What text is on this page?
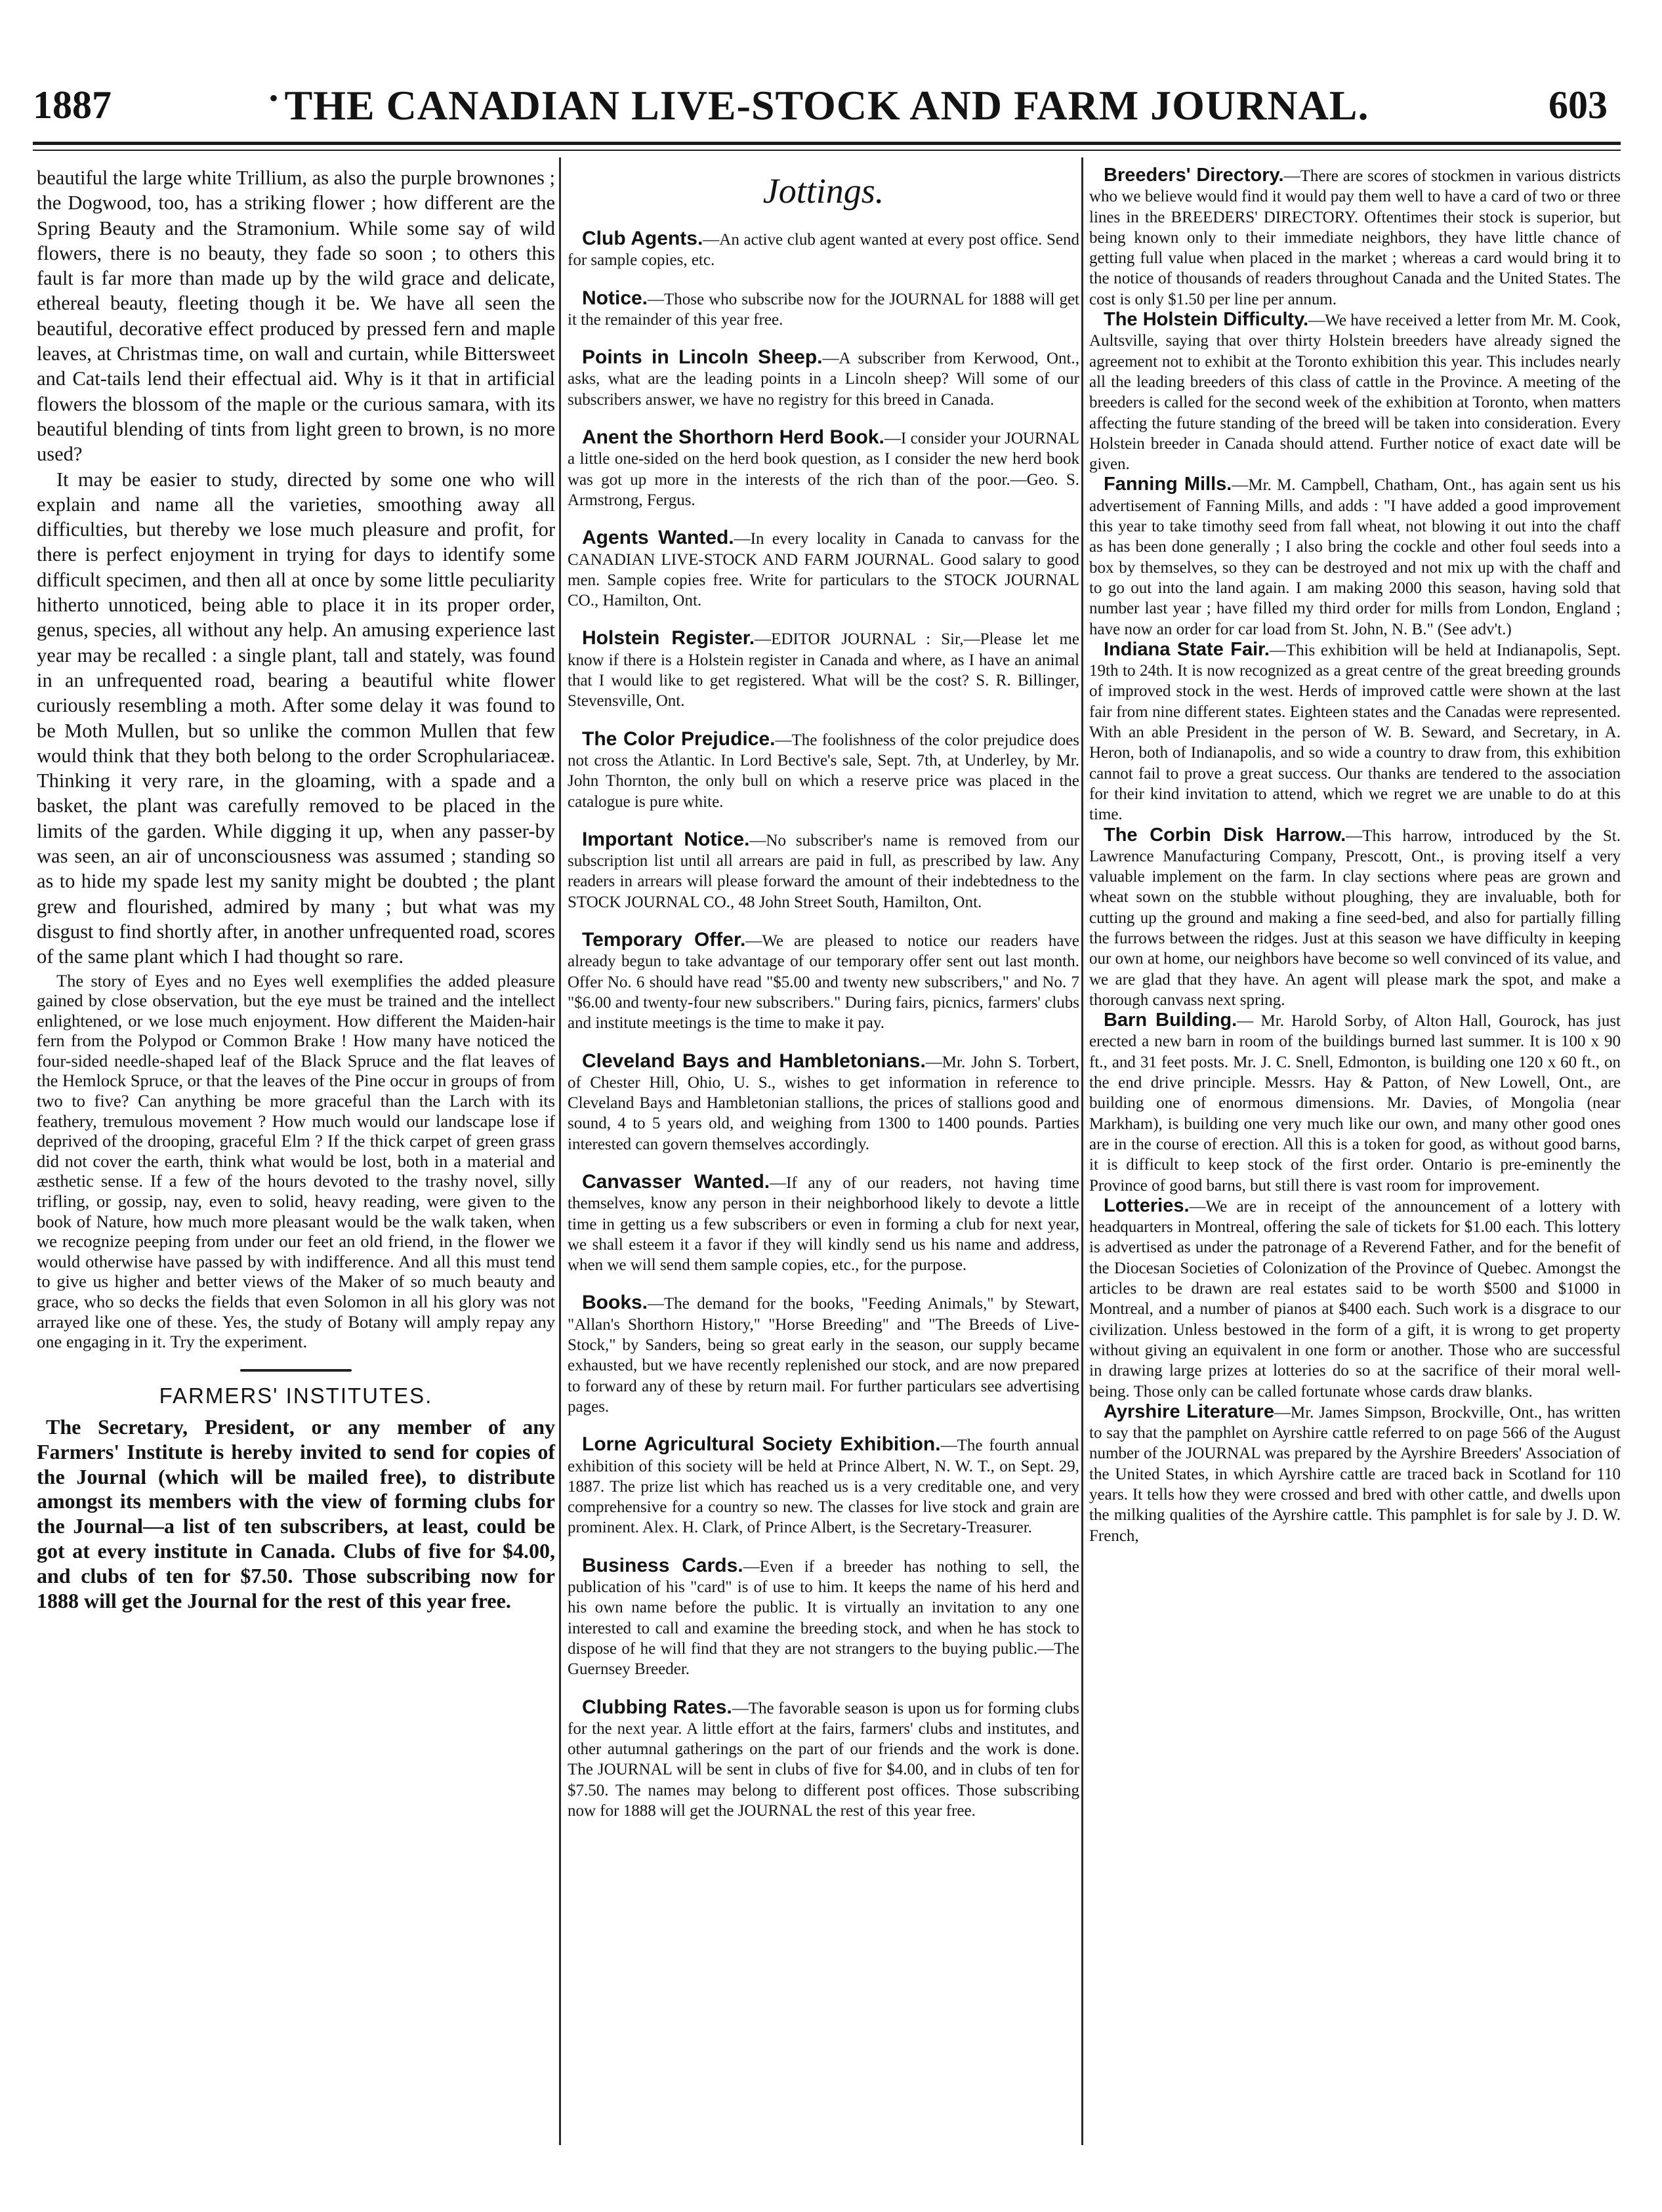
1887	• THE CANADIAN LIVE-STOCK AND FARM JOURNAL.	603

beautiful the large white Trillium, as also the purple brownones ; the Dogwood, too, has a striking flower ; how different are the Spring Beauty and the Stramonium. While some say of wild flowers, there is no beauty, they fade so soon ; to others this fault is far more than made up by the wild grace and delicate, ethereal beauty, fleeting though it be. We have all seen the beautiful, decorative effect produced by pressed fern and maple leaves, at Christmas time, on wall and curtain, while Bittersweet and Cat-tails lend their effectual aid. Why is it that in artificial flowers the blossom of the maple or the curious samara, with its beautiful blending of tints from light green to brown, is no more used?

It may be easier to study, directed by some one who will explain and name all the varieties, smoothing away all difficulties, but thereby we lose much pleasure and profit, for there is perfect enjoyment in trying for days to identify some difficult specimen, and then all at once by some little peculiarity hitherto unnoticed, being able to place it in its proper order, genus, species, all without any help. An amusing experience last year may be recalled : a single plant, tall and stately, was found in an unfrequented road, bearing a beautiful white flower curiously resembling a moth. After some delay it was found to be Moth Mullen, but so unlike the common Mullen that few would think that they both belong to the order Scrophulariaceæ. Thinking it very rare, in the gloaming, with a spade and a basket, the plant was carefully removed to be placed in the limits of the garden. While digging it up, when any passer-by was seen, an air of unconsciousness was assumed ; standing so as to hide my spade lest my sanity might be doubted ; the plant grew and flourished, admired by many ; but what was my disgust to find shortly after, in another unfrequented road, scores of the same plant which I had thought so rare.

The story of Eyes and no Eyes well exemplifies the added pleasure gained by close observation, but the eye must be trained and the intellect enlightened, or we lose much enjoyment. How different the Maiden-hair fern from the Polypod or Common Brake ! How many have noticed the four-sided needle-shaped leaf of the Black Spruce and the flat leaves of the Hemlock Spruce, or that the leaves of the Pine occur in groups of from two to five? Can anything be more graceful than the Larch with its feathery, tremulous movement ? How much would our landscape lose if deprived of the drooping, graceful Elm ? If the thick carpet of green grass did not cover the earth, think what would be lost, both in a material and æsthetic sense. If a few of the hours devoted to the trashy novel, silly trifling, or gossip, nay, even to solid, heavy reading, were given to the book of Nature, how much more pleasant would be the walk taken, when we recognize peeping from under our feet an old friend, in the flower we would otherwise have passed by with indifference. And all this must tend to give us higher and better views of the Maker of so much beauty and grace, who so decks the fields that even Solomon in all his glory was not arrayed like one of these. Yes, the study of Botany will amply repay any one engaging in it. Try the experiment.

FARMERS' INSTITUTES.

The Secretary, President, or any member of any Farmers' Institute is hereby invited to send for copies of the Journal (which will be mailed free), to distribute amongst its members with the view of forming clubs for the Journal—a list of ten subscribers, at least, could be got at every institute in Canada. Clubs of five for $4.00, and clubs of ten for $7.50. Those subscribing now for 1888 will get the Journal for the rest of this year free.

Jottings.

Club Agents.—An active club agent wanted at every post office. Send for sample copies, etc.

Notice.—Those who subscribe now for the JOURNAL for 1888 will get it the remainder of this year free.

Points in Lincoln Sheep.—A subscriber from Kerwood, Ont., asks, what are the leading points in a Lincoln sheep? Will some of our subscribers answer, we have no registry for this breed in Canada.

Anent the Shorthorn Herd Book.—I consider your JOURNAL a little one-sided on the herd book question, as I consider the new herd book was got up more in the interests of the rich than of the poor.—Geo. S. Armstrong, Fergus.

Agents Wanted.—In every locality in Canada to canvass for the CANADIAN LIVE-STOCK AND FARM JOURNAL. Good salary to good men. Sample copies free. Write for particulars to the STOCK JOURNAL CO., Hamilton, Ont.

Holstein Register.—EDITOR JOURNAL : Sir,—Please let me know if there is a Holstein register in Canada and where, as I have an animal that I would like to get registered. What will be the cost? S. R. Billinger, Stevensville, Ont.

The Color Prejudice.—The foolishness of the color prejudice does not cross the Atlantic. In Lord Bective's sale, Sept. 7th, at Underley, by Mr. John Thornton, the only bull on which a reserve price was placed in the catalogue is pure white.

Important Notice.—No subscriber's name is removed from our subscription list until all arrears are paid in full, as prescribed by law. Any readers in arrears will please forward the amount of their indebtedness to the STOCK JOURNAL CO., 48 John Street South, Hamilton, Ont.

Temporary Offer.—We are pleased to notice our readers have already begun to take advantage of our temporary offer sent out last month. Offer No. 6 should have read "$5.00 and twenty new subscribers," and No. 7 "$6.00 and twenty-four new subscribers." During fairs, picnics, farmers' clubs and institute meetings is the time to make it pay.

Cleveland Bays and Hambletonians.—Mr. John S. Torbert, of Chester Hill, Ohio, U. S., wishes to get information in reference to Cleveland Bays and Hambletonian stallions, the prices of stallions good and sound, 4 to 5 years old, and weighing from 1300 to 1400 pounds. Parties interested can govern themselves accordingly.

Canvasser Wanted.—If any of our readers, not having time themselves, know any person in their neighborhood likely to devote a little time in getting us a few subscribers or even in forming a club for next year, we shall esteem it a favor if they will kindly send us his name and address, when we will send them sample copies, etc., for the purpose.

Books.—The demand for the books, "Feeding Animals," by Stewart, "Allan's Shorthorn History," "Horse Breeding" and "The Breeds of Live-Stock," by Sanders, being so great early in the season, our supply became exhausted, but we have recently replenished our stock, and are now prepared to forward any of these by return mail. For further particulars see advertising pages.

Lorne Agricultural Society Exhibition.—The fourth annual exhibition of this society will be held at Prince Albert, N. W. T., on Sept. 29, 1887. The prize list which has reached us is a very creditable one, and very comprehensive for a country so new. The classes for live stock and grain are prominent. Alex. H. Clark, of Prince Albert, is the Secretary-Treasurer.

Business Cards.—Even if a breeder has nothing to sell, the publication of his "card" is of use to him. It keeps the name of his herd and his own name before the public. It is virtually an invitation to any one interested to call and examine the breeding stock, and when he has stock to dispose of he will find that they are not strangers to the buying public.—The Guernsey Breeder.

Clubbing Rates.—The favorable season is upon us for forming clubs for the next year. A little effort at the fairs, farmers' clubs and institutes, and other autumnal gatherings on the part of our friends and the work is done. The JOURNAL will be sent in clubs of five for $4.00, and in clubs of ten for $7.50. The names may belong to different post offices. Those subscribing now for 1888 will get the JOURNAL the rest of this year free.

Breeders' Directory.—There are scores of stockmen in various districts who we believe would find it would pay them well to have a card of two or three lines in the BREEDERS' DIRECTORY. Oftentimes their stock is superior, but being known only to their immediate neighbors, they have little chance of getting full value when placed in the market ; whereas a card would bring it to the notice of thousands of readers throughout Canada and the United States. The cost is only $1.50 per line per annum.

The Holstein Difficulty.—We have received a letter from Mr. M. Cook, Aultsville, saying that over thirty Holstein breeders have already signed the agreement not to exhibit at the Toronto exhibition this year. This includes nearly all the leading breeders of this class of cattle in the Province. A meeting of the breeders is called for the second week of the exhibition at Toronto, when matters affecting the future standing of the breed will be taken into consideration. Every Holstein breeder in Canada should attend. Further notice of exact date will be given.

Fanning Mills.—Mr. M. Campbell, Chatham, Ont., has again sent us his advertisement of Fanning Mills, and adds : "I have added a good improvement this year to take timothy seed from fall wheat, not blowing it out into the chaff as has been done generally ; I also bring the cockle and other foul seeds into a box by themselves, so they can be destroyed and not mix up with the chaff and to go out into the land again. I am making 2000 this season, having sold that number last year ; have filled my third order for mills from London, England ; have now an order for car load from St. John, N. B." (See adv't.)

Indiana State Fair.—This exhibition will be held at Indianapolis, Sept. 19th to 24th. It is now recognized as a great centre of the great breeding grounds of improved stock in the west. Herds of improved cattle were shown at the last fair from nine different states. Eighteen states and the Canadas were represented. With an able President in the person of W. B. Seward, and Secretary, in A. Heron, both of Indianapolis, and so wide a country to draw from, this exhibition cannot fail to prove a great success. Our thanks are tendered to the association for their kind invitation to attend, which we regret we are unable to do at this time.

The Corbin Disk Harrow.—This harrow, introduced by the St. Lawrence Manufacturing Company, Prescott, Ont., is proving itself a very valuable implement on the farm. In clay sections where peas are grown and wheat sown on the stubble without ploughing, they are invaluable, both for cutting up the ground and making a fine seed-bed, and also for partially filling the furrows between the ridges. Just at this season we have difficulty in keeping our own at home, our neighbors have become so well convinced of its value, and we are glad that they have. An agent will please mark the spot, and make a thorough canvass next spring.

Barn Building.— Mr. Harold Sorby, of Alton Hall, Gourock, has just erected a new barn in room of the buildings burned last summer. It is 100 x 90 ft., and 31 feet posts. Mr. J. C. Snell, Edmonton, is building one 120 x 60 ft., on the end drive principle. Messrs. Hay & Patton, of New Lowell, Ont., are building one of enormous dimensions. Mr. Davies, of Mongolia (near Markham), is building one very much like our own, and many other good ones are in the course of erection. All this is a token for good, as without good barns, it is difficult to keep stock of the first order. Ontario is pre-eminently the Province of good barns, but still there is vast room for improvement.

Lotteries.—We are in receipt of the announcement of a lottery with headquarters in Montreal, offering the sale of tickets for $1.00 each. This lottery is advertised as under the patronage of a Reverend Father, and for the benefit of the Diocesan Societies of Colonization of the Province of Quebec. Amongst the articles to be drawn are real estates said to be worth $500 and $1000 in Montreal, and a number of pianos at $400 each. Such work is a disgrace to our civilization. Unless bestowed in the form of a gift, it is wrong to get property without giving an equivalent in one form or another. Those who are successful in drawing large prizes at lotteries do so at the sacrifice of their moral well-being. Those only can be called fortunate whose cards draw blanks.

Ayrshire Literature—Mr. James Simpson, Brockville, Ont., has written to say that the pamphlet on Ayrshire cattle referred to on page 566 of the August number of the JOURNAL was prepared by the Ayrshire Breeders' Association of the United States, in which Ayrshire cattle are traced back in Scotland for 110 years. It tells how they were crossed and bred with other cattle, and dwells upon the milking qualities of the Ayrshire cattle. This pamphlet is for sale by J. D. W. French,
